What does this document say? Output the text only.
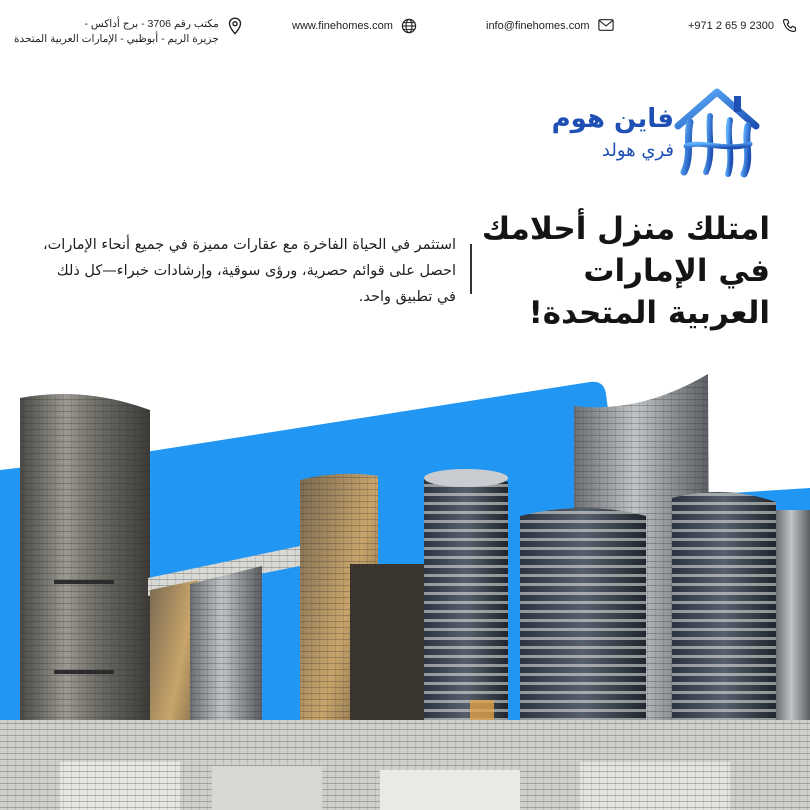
مكتب رقم 3706 - برج أداكس -
جزيرة الريم - أبوظبي - الإمارات العربية المتحدة
www.finehomes.com	info@finehomes.com	+971 2 65 9 2300
فاين هوم
فري هولد
امتلك منزل أحلامك في الإمارات العربية المتحدة!
استثمر في الحياة الفاخرة مع عقارات مميزة في جميع أنحاء الإمارات، احصل على قوائم حصرية، ورؤى سوقية، وإرشادات خبراء—كل ذلك في تطبيق واحد.
